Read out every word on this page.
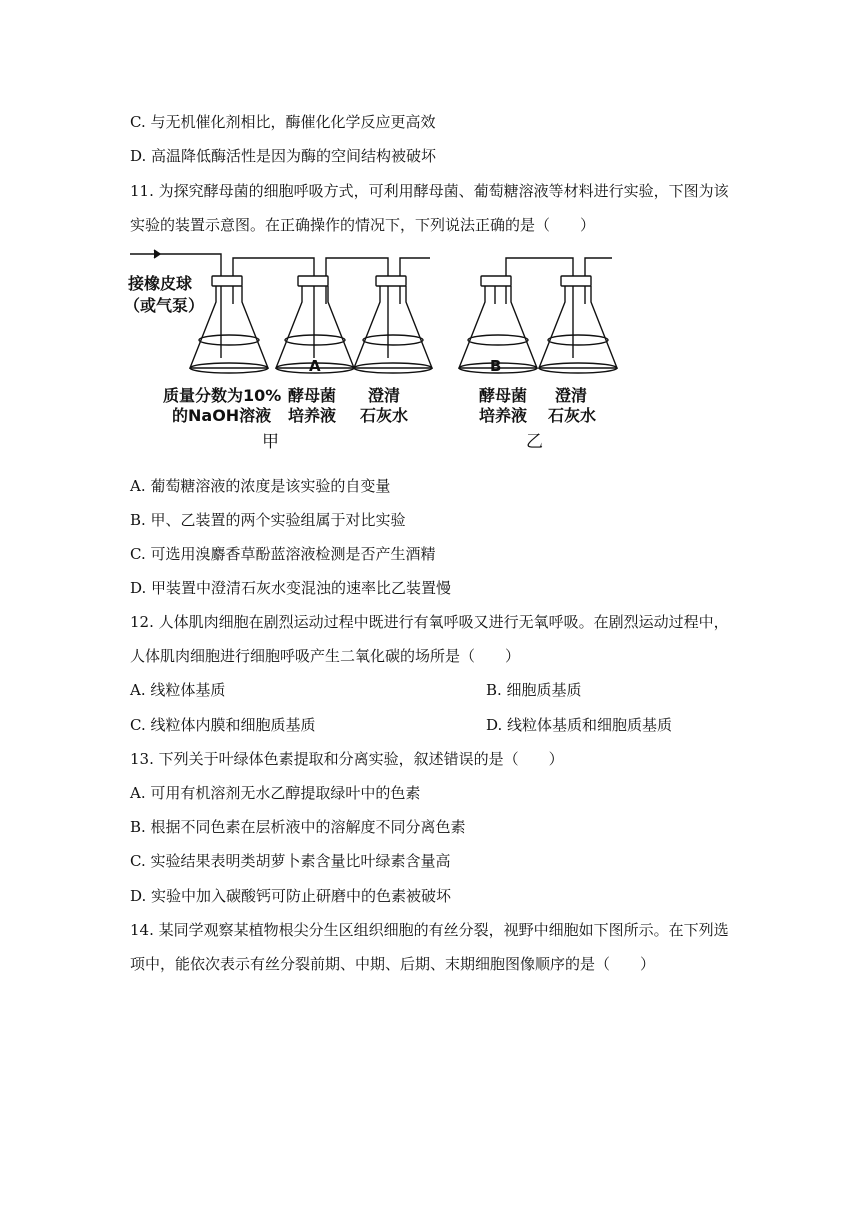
C. 与无机催化剂相比，酶催化化学反应更高效
D. 高温降低酶活性是因为酶的空间结构被破坏
11. 为探究酵母菌的细胞呼吸方式，可利用酵母菌、葡萄糖溶液等材料进行实验，下图为该
实验的装置示意图。在正确操作的情况下，下列说法正确的是（　　）
接橡皮球
（或气泵）
A	B
质量分数为10%
的NaOH溶液
酵母菌
培养液
澄清
石灰水
酵母菌
培养液
澄清
石灰水
甲	乙
A. 葡萄糖溶液的浓度是该实验的自变量
B. 甲、乙装置的两个实验组属于对比实验
C. 可选用溴麝香草酚蓝溶液检测是否产生酒精
D. 甲装置中澄清石灰水变混浊的速率比乙装置慢
12. 人体肌肉细胞在剧烈运动过程中既进行有氧呼吸又进行无氧呼吸。在剧烈运动过程中，
人体肌肉细胞进行细胞呼吸产生二氧化碳的场所是（　　）
A. 线粒体基质	B. 细胞质基质
C. 线粒体内膜和细胞质基质	D. 线粒体基质和细胞质基质
13. 下列关于叶绿体色素提取和分离实验，叙述错误的是（　　）
A. 可用有机溶剂无水乙醇提取绿叶中的色素
B. 根据不同色素在层析液中的溶解度不同分离色素
C. 实验结果表明类胡萝卜素含量比叶绿素含量高
D. 实验中加入碳酸钙可防止研磨中的色素被破坏
14. 某同学观察某植物根尖分生区组织细胞的有丝分裂，视野中细胞如下图所示。在下列选
项中，能依次表示有丝分裂前期、中期、后期、末期细胞图像顺序的是（　　）
